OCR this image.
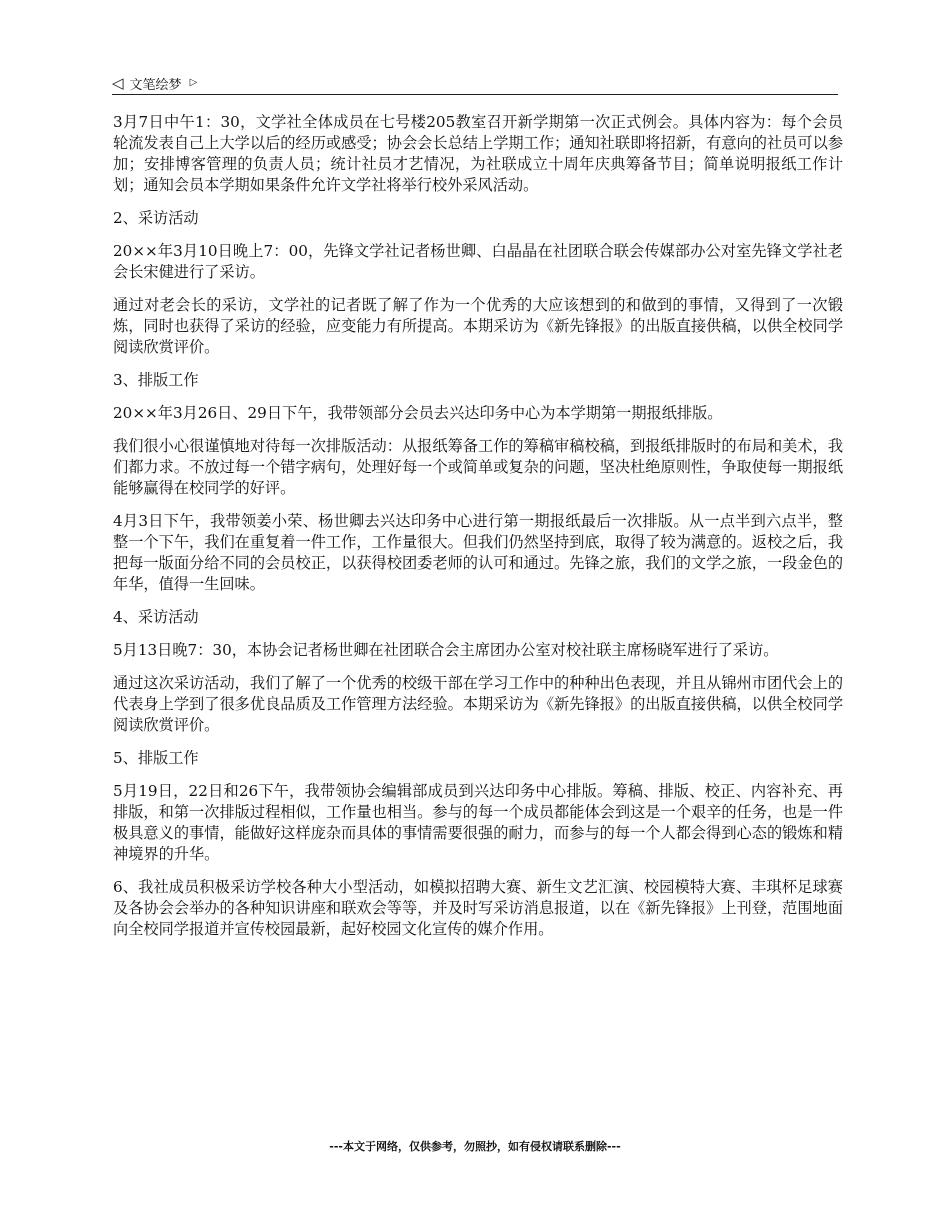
◁ 文笔绘梦 ▷

3月7日中午1：30，文学社全体成员在七号楼205教室召开新学期第一次正式例会。具体内容为：每个会员轮流发表自己上大学以后的经历或感受；协会会长总结上学期工作；通知社联即将招新，有意向的社员可以参加；安排博客管理的负责人员；统计社员才艺情况，为社联成立十周年庆典筹备节目；简单说明报纸工作计划；通知会员本学期如果条件允许文学社将举行校外采风活动。

2、采访活动

20××年3月10日晚上7：00，先锋文学社记者杨世卿、白晶晶在社团联合联会传媒部办公对室先锋文学社老会长宋健进行了采访。

通过对老会长的采访，文学社的记者既了解了作为一个优秀的大应该想到的和做到的事情，又得到了一次锻炼，同时也获得了采访的经验，应变能力有所提高。本期采访为《新先锋报》的出版直接供稿，以供全校同学阅读欣赏评价。

3、排版工作

20××年3月26日、29日下午，我带领部分会员去兴达印务中心为本学期第一期报纸排版。

我们很小心很谨慎地对待每一次排版活动：从报纸筹备工作的筹稿审稿校稿，到报纸排版时的布局和美术，我们都力求。不放过每一个错字病句，处理好每一个或简单或复杂的问题，坚决杜绝原则性，争取使每一期报纸能够赢得在校同学的好评。

4月3日下午，我带领姜小荣、杨世卿去兴达印务中心进行第一期报纸最后一次排版。从一点半到六点半，整整一个下午，我们在重复着一件工作，工作量很大。但我们仍然坚持到底，取得了较为满意的。返校之后，我把每一版面分给不同的会员校正，以获得校团委老师的认可和通过。先锋之旅，我们的文学之旅，一段金色的年华，值得一生回味。

4、采访活动

5月13日晚7：30，本协会记者杨世卿在社团联合会主席团办公室对校社联主席杨晓军进行了采访。

通过这次采访活动，我们了解了一个优秀的校级干部在学习工作中的种种出色表现，并且从锦州市团代会上的代表身上学到了很多优良品质及工作管理方法经验。本期采访为《新先锋报》的出版直接供稿，以供全校同学阅读欣赏评价。

5、排版工作

5月19日，22日和26下午，我带领协会编辑部成员到兴达印务中心排版。筹稿、排版、校正、内容补充、再排版，和第一次排版过程相似，工作量也相当。参与的每一个成员都能体会到这是一个艰辛的任务，也是一件极具意义的事情，能做好这样庞杂而具体的事情需要很强的耐力，而参与的每一个人都会得到心态的锻炼和精神境界的升华。

6、我社成员积极采访学校各种大小型活动，如模拟招聘大赛、新生文艺汇演、校园模特大赛、丰琪杯足球赛及各协会会举办的各种知识讲座和联欢会等等，并及时写采访消息报道，以在《新先锋报》上刊登，范围地面向全校同学报道并宣传校园最新，起好校园文化宣传的媒介作用。

---本文于网络，仅供参考，勿照抄，如有侵权请联系删除---
